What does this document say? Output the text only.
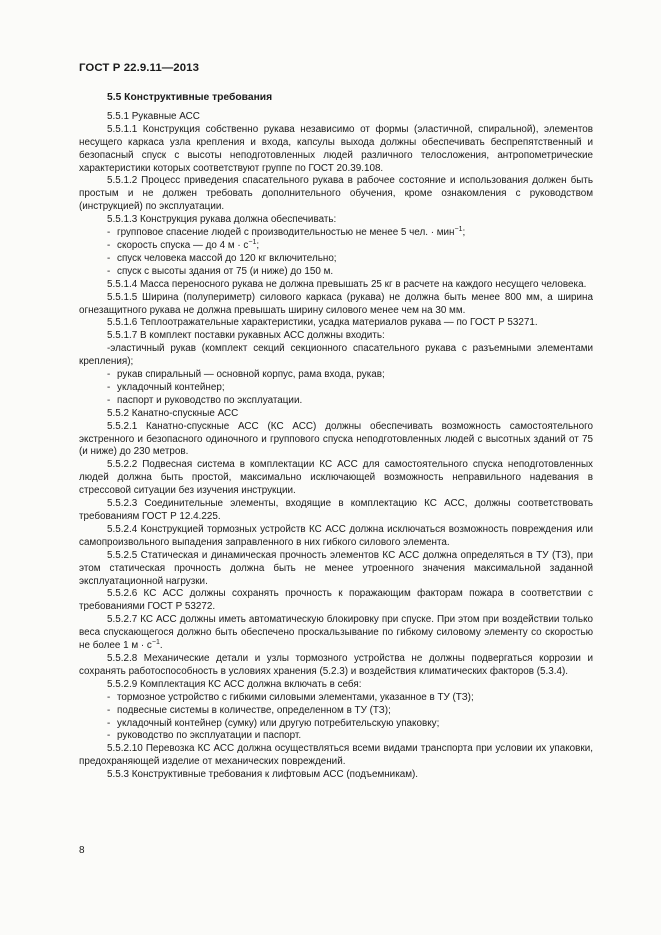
ГОСТ Р 22.9.11—2013

5.5 Конструктивные требования

5.5.1 Рукавные АСС

5.5.1.1 Конструкция собственно рукава независимо от формы (эластичной, спиральной), элементов несущего каркаса узла крепления и входа, капсулы выхода должны обеспечивать беспрепятственный и безопасный спуск с высоты неподготовленных людей различного телосложения, антропометрические характеристики которых соответствуют группе по ГОСТ 20.39.108.

5.5.1.2 Процесс приведения спасательного рукава в рабочее состояние и использования должен быть простым и не должен требовать дополнительного обучения, кроме ознакомления с руководством (инструкцией) по эксплуатации.

5.5.1.3 Конструкция рукава должна обеспечивать:

- групповое спасение людей с производительностью не менее 5 чел. · мин$^{-1}$;

- скорость спуска — до 4 $м \cdot с^{-1}$;

- спуск человека массой до 120 кг включительно;

- спуск с высоты здания от 75 (и ниже) до 150 м.

5.5.1.4 Масса переносного рукава не должна превышать 25 кг в расчете на каждого несущего человека.

5.5.1.5 Ширина (полупериметр) силового каркаса (рукава) не должна быть менее 800 мм, а ширина огнезащитного рукава не должна превышать ширину силового менее чем на 30 мм.

5.5.1.6 Теплоотражательные характеристики, усадка материалов рукава — по ГОСТ Р 53271.

5.5.1.7 В комплект поставки рукавных АСС должны входить:

-эластичный рукав (комплект секций секционного спасательного рукава с разъемными элементами крепления);

- рукав спиральный — основной корпус, рама входа, рукав;

- укладочный контейнер;

- паспорт и руководство по эксплуатации.

5.5.2 Канатно-спускные АСС

5.5.2.1 Канатно-спускные АСС (КС АСС) должны обеспечивать возможность самостоятельного экстренного и безопасного одиночного и группового спуска неподготовленных людей с высотных зданий от 75 (и ниже) до 230 метров.

5.5.2.2 Подвесная система в комплектации КС АСС для самостоятельного спуска неподготовленных людей должна быть простой, максимально исключающей возможность неправильного надевания в стрессовой ситуации без изучения инструкции.

5.5.2.3 Соединительные элементы, входящие в комплектацию КС АСС, должны соответствовать требованиям ГОСТ Р 12.4.225.

5.5.2.4 Конструкцией тормозных устройств КС АСС должна исключаться возможность повреждения или самопроизвольного выпадения заправленного в них гибкого силового элемента.

5.5.2.5 Статическая и динамическая прочность элементов КС АСС должна определяться в ТУ (ТЗ), при этом статическая прочность должна быть не менее утроенного значения максимальной заданной эксплуатационной нагрузки.

5.5.2.6 КС АСС должны сохранять прочность к поражающим факторам пожара в соответствии с требованиями ГОСТ Р 53272.

5.5.2.7 КС АСС должны иметь автоматическую блокировку при спуске. При этом при воздействии только веса спускающегося должно быть обеспечено проскальзывание по гибкому силовому элементу со скоростью не более 1 $м \cdot с^{-1}$.

5.5.2.8 Механические детали и узлы тормозного устройства не должны подвергаться коррозии и сохранять работоспособность в условиях хранения (5.2.3) и воздействия климатических факторов (5.3.4).

5.5.2.9 Комплектация КС АСС должна включать в себя:

- тормозное устройство с гибкими силовыми элементами, указанное в ТУ (ТЗ);

- подвесные системы в количестве, определенном в ТУ (ТЗ);

- укладочный контейнер (сумку) или другую потребительскую упаковку;

- руководство по эксплуатации и паспорт.

5.5.2.10 Перевозка КС АСС должна осуществляться всеми видами транспорта при условии их упаковки, предохраняющей изделие от механических повреждений.

5.5.3 Конструктивные требования к лифтовым АСС (подъемникам).

8
